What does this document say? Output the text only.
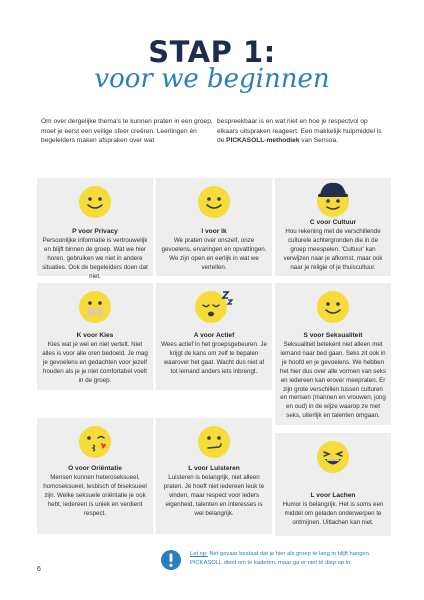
STAP 1:
voor we beginnen
Om over dergelijke thema's te kunnen praten in een groep, moet je eerst een veilige sfeer creëren. Leerlingen én begeleiders maken afspraken over wat
bespreekbaar is en wat niet en hoe je respectvol op elkaars uitspraken reageert. Een makkelijk hulpmiddel is de PICKASOLL-methodiek van Sensoa.
P voor Privacy
Persoonlijke informatie is vertrouwelijk en blijft binnen de groep. Wat we hier horen, gebruiken we niet in andere situaties. Ook de begeleiders doen dat niet.
I voor Ik
We praten over onszelf, onze gevoelens, ervaringen en opvattingen. We zijn open en eerlijk in wat we vertellen.
C voor Cultuur
Hou rekening met de verschillende culturele achtergronden die in de groep meespelen. 'Cultuur' kan verwijzen naar je afkomst, maar ook naar je religie of je thuiscultuur.
K voor Kies
Kies wat je wel en niet vertelt. Niet alles is voor alle oren bedoeld. Je mag je gevoelens en gedachten voor jezelf houden als je je niet comfortabel voelt in de groep.
A voor Actief
Wees actief in het groepsgebeuren. Je krijgt de kans om zelf te bepalen waarover het gaat. Wacht dus niet af tot iemand anders iets inbrengt.
S voor Seksualiteit
Seksualiteit betekent niet alleen met iemand naar bed gaan. Seks zit ook in je hoofd en je gevoelens. We hebben het hier dus over alle vormen van seks en iedereen kan erover meepraten. Er zijn grote verschillen tussen culturen en mensen (mannen en vrouwen, jong en oud) in de wijze waarop ze met seks, uiterlijk en talenten omgaan.
O voor Oriëntatie
Mensen kunnen heteroseksueel, homoseksueel, lesbisch of biseksueel zijn. Welke seksuele oriëntatie je ook hebt, iedereen is uniek en verdient respect.
L voor Luisteren
Luisteren is belangrijk, niet alleen praten. Je hoeft niet iedereen leuk te vinden, maar respect voor ieders eigenheid, talenten en interesses is wel belangrijk.
L voor Lachen
Humor is belangrijk. Het is soms een middel om geladen onderwerpen te ontmijnen. Uitlachen kan niet.
6
Let op: Net gevaar bestaat dat je hier als groep te lang in blijft hangen. PICKASOLL dient om te kaderen, maar ga er niet té diep op in.
